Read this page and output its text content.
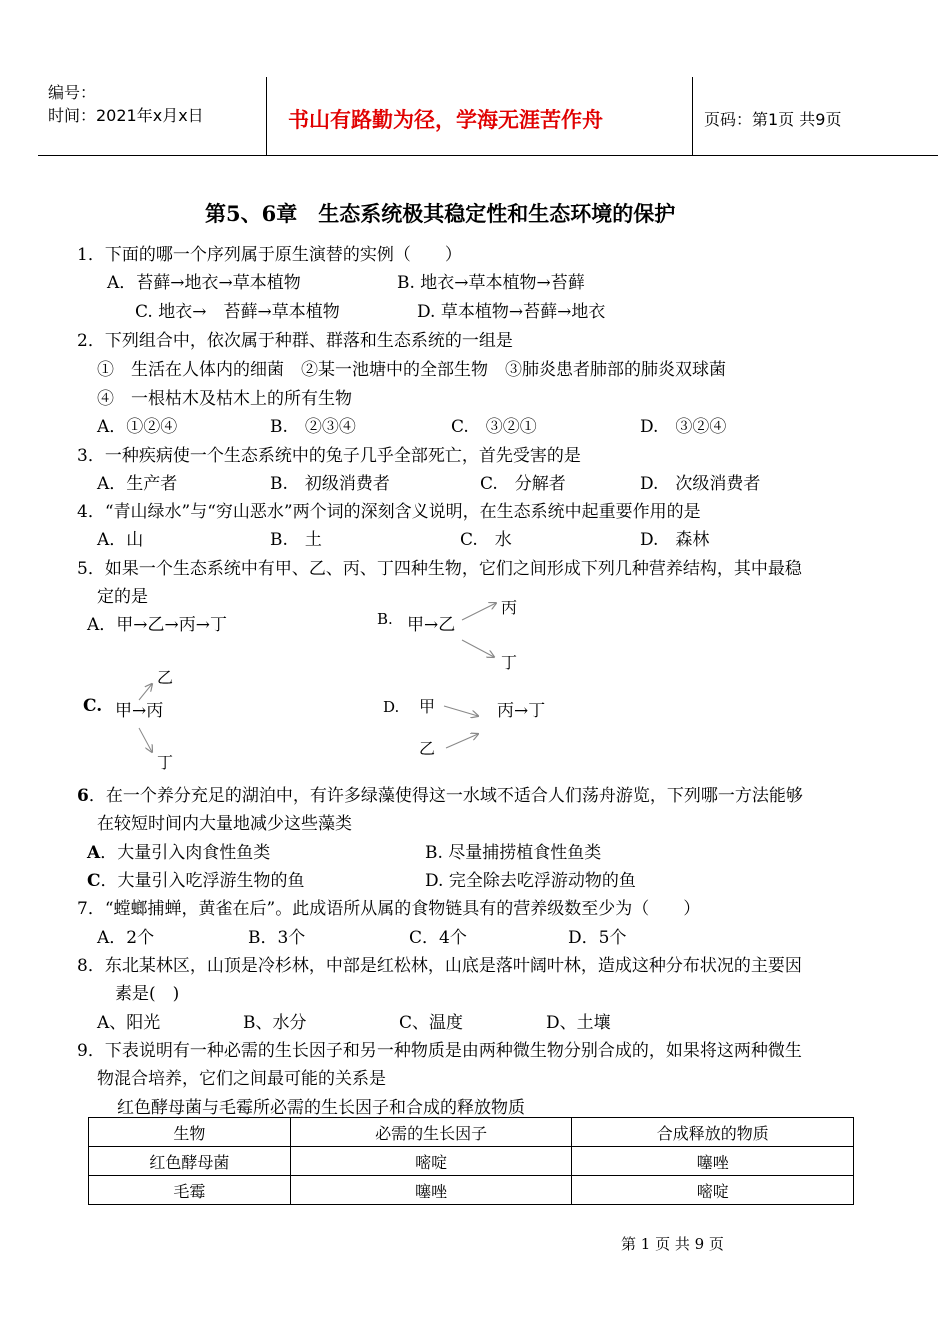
编号：
时间：2021年x月x日	书山有路勤为径，学海无涯苦作舟	页码：第1页 共9页
第5、6章　生态系统极其稳定性和生态环境的保护
1．下面的哪一个序列属于原生演替的实例（　　）
A．苔藓→地衣→草本植物	B. 地衣→草本植物→苔藓
C. 地衣→　苔藓→草本植物	D. 草本植物→苔藓→地衣
2．下列组合中，依次属于种群、群落和生态系统的一组是
①　生活在人体内的细菌　②某一池塘中的全部生物　③肺炎患者肺部的肺炎双球菌
④　一根枯木及枯木上的所有生物
A．①②④	B.　②③④	C.　③②①	D.　③②④
3．一种疾病使一个生态系统中的兔子几乎全部死亡，首先受害的是
A．生产者	B.　初级消费者	C.　分解者	D.　次级消费者
4．“青山绿水”与“穷山恶水”两个词的深刻含义说明，在生态系统中起重要作用的是
A．山	B.　土	C.　水	D.　森林
5．如果一个生态系统中有甲、乙、丙、丁四种生物，它们之间形成下列几种营养结构，其中最稳
定的是
A．甲→乙→丙→丁	B. 甲→乙
丙
丁
C. 甲→丙
乙
丁
D. 甲
乙
丙→丁
6．在一个养分充足的湖泊中，有许多绿藻使得这一水域不适合人们荡舟游览，下列哪一方法能够
在较短时间内大量地减少这些藻类
A．大量引入肉食性鱼类	B. 尽量捕捞植食性鱼类
C．大量引入吃浮游生物的鱼	D. 完全除去吃浮游动物的鱼
7．“螳螂捕蝉，黄雀在后”。此成语所从属的食物链具有的营养级数至少为（　　）
A．2个	B．3个	C．4个	D．5个
8．东北某林区，山顶是冷杉林，中部是红松林，山底是落叶阔叶林，造成这种分布状况的主要因
素是(　)
A、阳光	B、水分	C、温度	D、土壤
9．下表说明有一种必需的生长因子和另一种物质是由两种微生物分别合成的，如果将这两种微生
物混合培养，它们之间最可能的关系是
红色酵母菌与毛霉所必需的生长因子和合成的释放物质
生物	必需的生长因子	合成释放的物质
红色酵母菌	嘧啶	噻唑
毛霉	噻唑	嘧啶
第 1 页 共 9 页
